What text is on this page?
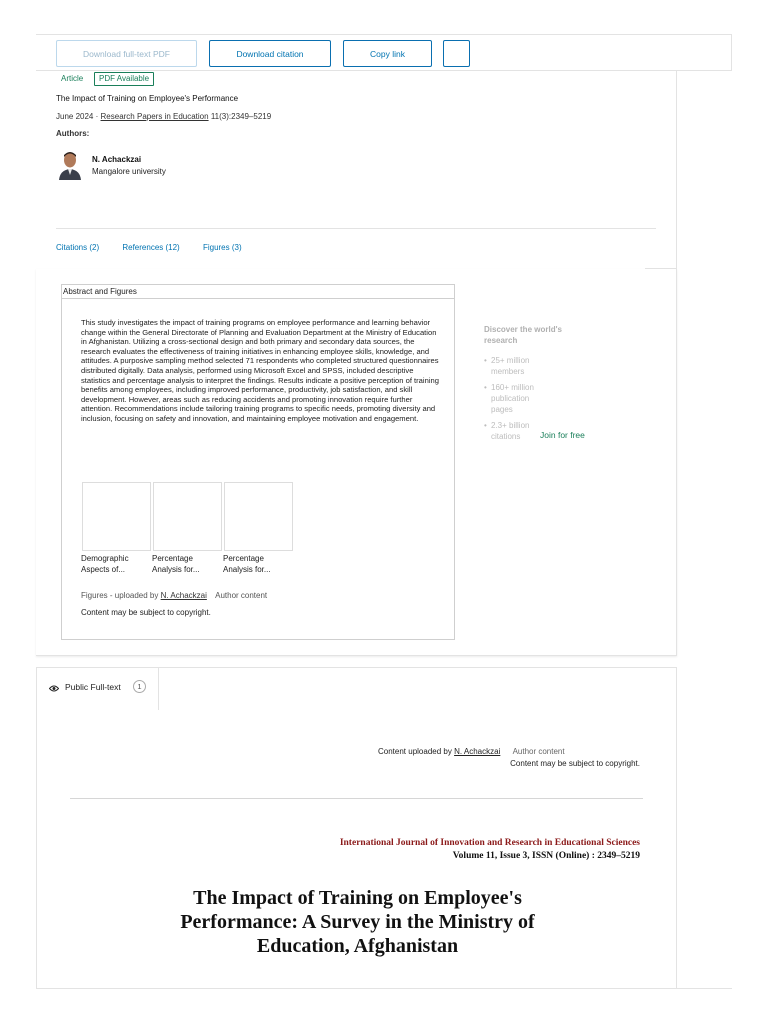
Download full-text PDF	Download citation	Copy link
Article	PDF Available
The Impact of Training on Employee's Performance
June 2024 · Research Papers in Education 11(3):2349–5219
Authors:
N. Achackzai
Mangalore university
Citations (2)	References (12)	Figures (3)
Abstract and Figures
This study investigates the impact of training programs on employee performance and learning behavior change within the General Directorate of Planning and Evaluation Department at the Ministry of Education in Afghanistan. Utilizing a cross-sectional design and both primary and secondary data sources, the research evaluates the effectiveness of training initiatives in enhancing employee skills, knowledge, and attitudes. A purposive sampling method selected 71 respondents who completed structured questionnaires distributed digitally. Data analysis, performed using Microsoft Excel and SPSS, included descriptive statistics and percentage analysis to interpret the findings. Results indicate a positive perception of training benefits among employees, including improved performance, productivity, job satisfaction, and skill development. However, areas such as reducing accidents and promoting innovation require further attention. Recommendations include tailoring training programs to specific needs, promoting diversity and inclusion, focusing on safety and innovation, and maintaining employee motivation and engagement.
Demographic
Aspects of...
Percentage
Analysis for...
Percentage
Analysis for...
Figures - uploaded by N. Achackzai Author content
Content may be subject to copyright.
Discover the world's research
• 25+ million members
• 160+ million publication pages
• 2.3+ billion citations	Join for free
Public Full-text	1
Content uploaded by N. Achackzai Author content
Content may be subject to copyright.
International Journal of Innovation and Research in Educational Sciences
Volume 11, Issue 3, ISSN (Online) : 2349–5219
The Impact of Training on Employee's Performance: A Survey in the Ministry of Education, Afghanistan
